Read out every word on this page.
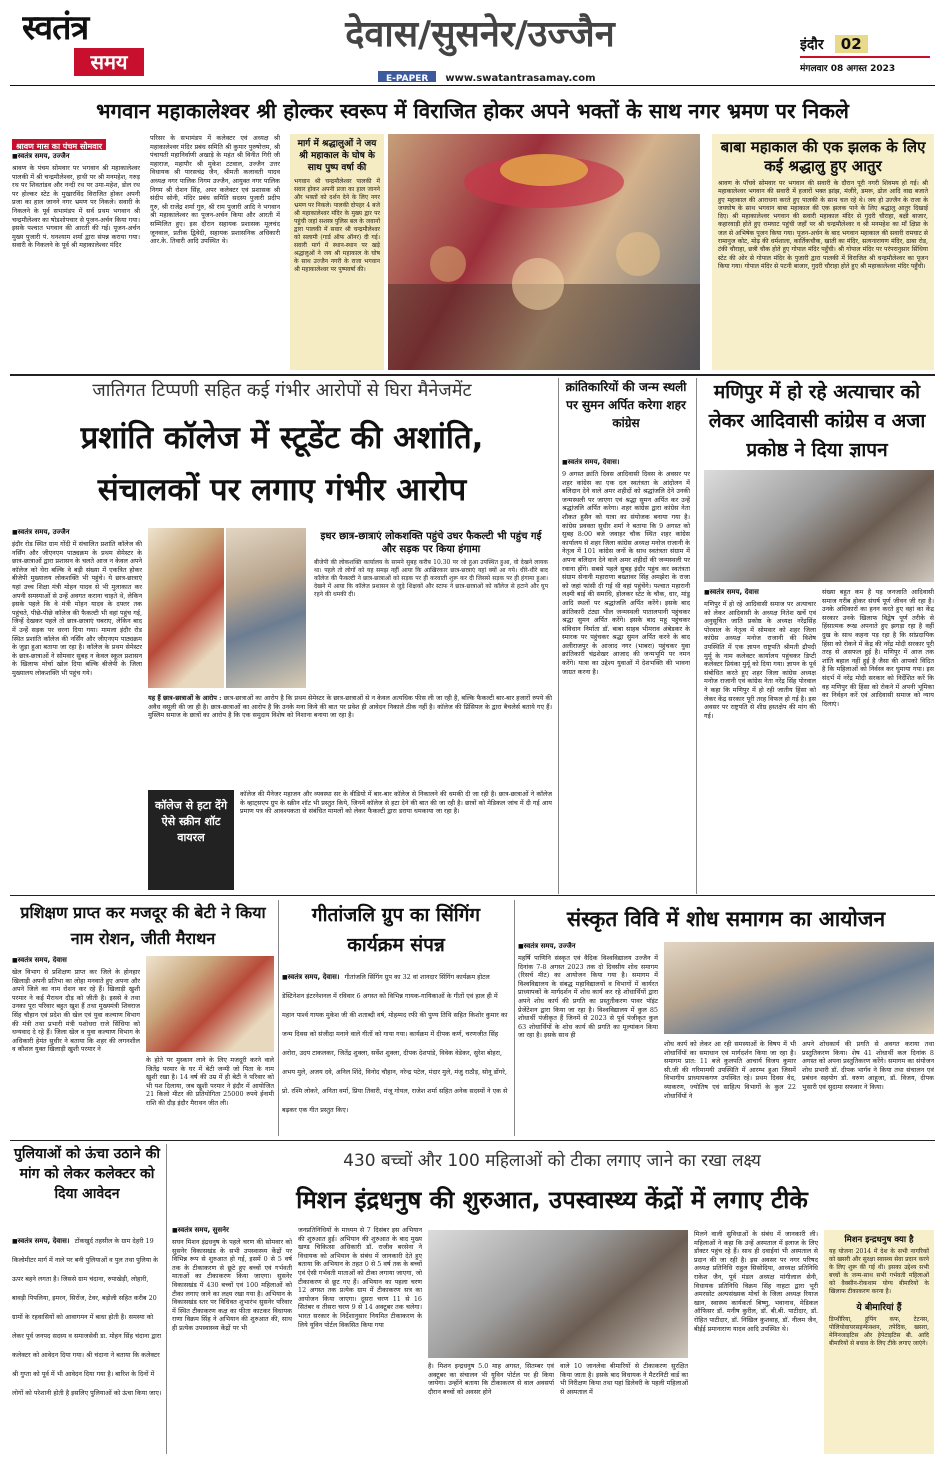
स्वतंत्र
समय
देवास/सुसनेर/उज्जैन
E-PAPER www.swatantrasamay.com
इंदौर 02
मंगलवार 08 अगस्त 2023
भगवान महाकालेश्वर श्री होल्कर स्वरूप में विराजित होकर अपने भक्तों के साथ नगर भ्रमण पर निकले
श्रावण मास का पंचम सोमवार
■ स्वतंत्र समय, उज्जैन
श्रावण के पंचम सोमवार पर भगवान श्री महाकालेश्वर पालकी में श्री चन्द्रमौलेश्वर, हाथी पर श्री मनमहेश, गरुड़ रथ पर शिवतांडव और नन्दी रथ पर उमा-महेश, डोल रथ पर होल्कर स्टेट के मुखारविंद विराजित होकर अपनी प्रजा का हाल जानने नगर भ्रमण पर निकले। सवारी के निकलने के पूर्व सभामंडप में सर्व प्रथम भगवान श्री चन्द्रमौलेश्वर का षोडशोपचार से पूजन-अर्चन किया गया। इसके पश्चात भगवान की आरती की गई। पूजन-अर्चन मुख्य पुजारी पं. घनश्याम शर्मा द्वारा संपन्न कराया गया। सवारी के निकलने के पूर्व श्री महाकालेश्वर मंदिर
परिसर के सभामंडप में कलेक्टर एवं अध्यक्ष श्री महाकालेश्वर मंदिर प्रबंध समिति श्री कुमार पुरुषोत्तम, श्री पंचायती महानिर्वाणी अखाड़े के महंत श्री विनीत गिरी जी महाराज, महापौर श्री मुकेश टटवाल, उज्जैन उत्तर विधायक श्री पारसचंद्र जैन, श्रीमती कलावती यादव अध्यक्ष नगर पालिक निगम उज्जैन, आयुक्त नगर पालिक निगम श्री रोशन सिंह, अपर कलेक्टर एवं प्रशासक श्री संदीप सोनी, मंदिर प्रबंध समिति सदस्य पुजारी प्रदीप गुरु, श्री राजेंद्र शर्मा गुरु, श्री राम पुजारी आदि ने भगवान श्री महाकालेश्वर का पूजन-अर्चन किया और आरती में सम्मिलित हुए। इस दौरान सहायक प्रशासक मूलचंद जूनवाल, प्रतीक द्विवेदी, सहायक प्रशासनिक अधिकारी आर.के. तिवारी आदि उपस्थित थे।
मार्ग में श्रद्धालुओं ने जय श्री महाकाल के घोष के साथ पुष्प वर्षा की
भगवान श्री चन्द्रमौलेश्वर पालकी में सवार होकर अपनी प्रजा का हाल जानने और भक्तों को दर्शन देने के लिए नगर भ्रमण पर निकले। पालकी दोपहर 4 बजे श्री महाकालेश्वर मंदिर के मुख्य द्वार पर पहुंची जहां सशस्त्र पुलिस बल के जवानों द्वारा पालकी में सवार श्री चन्द्रमौलेश्वर को सलामी (गार्ड ऑफ ऑनर) दी गई। सवारी मार्ग में स्थान-स्थान पर खड़े श्रद्धालुओं ने जय श्री महाकाल के घोष के साथ उज्जैन नगरी के राजा भगवान श्री महाकालेश्वर पर पुष्पवर्षा की।
बाबा महाकाल की एक झलक के लिए कई श्रद्धालु हुए आतुर
श्रावण के पाँचवे सोमवार पर भगवान की सवारी के दौरान पूरी नगरी शिवमय हो गई। श्री महाकालेश्वर भगवान की सवारी में हजारों भक्त झांझ, मंजीरे, डमरू, ढोल आदि वाद्य बजाते हुए महाकाल की आराधना करते हुए पालकी के साथ चल रहे थे। जय हो उज्जैन के राजा के जयघोष के साथ भगवान बाबा महाकाल की एक झलक पाने के लिए श्रद्धालु आतुर दिखाई दिए। श्री महाकालेश्वर भगवान की सवारी महाकाल मंदिर से गुदरी चौराहा, बक्षी बाजार, कहारवाड़ी होते हुए रामघाट पहुंची जहाँ पर श्री चन्द्रमौलेश्वर व श्री मनमहेश का माँ क्षिप्रा के जल से अभिषेक पूजन किया गया। पूजन-अर्चन के बाद भगवान महाकाल की सवारी रामघाट से रामानुज कोट, मोढ़ की धर्मशाला, कार्तिकचौक, खाती का मंदिर, सत्यनारायण मंदिर, ढाबा रोड, टंकी चौराहा, छत्री चौक होते हुए गोपाल मंदिर पहुँची। श्री गोपाल मंदिर पर परंपरानुसार सिंधिया स्टेट की ओर से गोपाल मंदिर के पुजारी द्वारा पालकी में विराजित श्री चन्द्रमौलेश्वर का पूजन किया गया। गोपाल मंदिर से पटनी बाजार, गुदरी चौराहा होते हुए श्री महाकालेश्वर मंदिर पहुँची।
जातिगत टिप्पणी सहित कई गंभीर आरोपों से घिरा मैनेजमेंट
प्रशांति कॉलेज में स्टूडेंट की अशांति,
संचालकों पर लगाए गंभीर आरोप
■ स्वतंत्र समय, उज्जैन
इंदौर रोड स्थित ग्राम गोंदी में संचालित प्रशांति कॉलेज की नर्सिंग और जीएनएम पाठ्यक्रम के प्रथम सेमेस्टर के छात्र-छात्राओं द्वारा प्रशासन के चलते आज न केवल अपने कॉलेज को घेरा बल्कि वे बड़ी संख्या में एकत्रित होकर बीजेपी मुख्यालय लोकशक्ति भी पहुंचे। ये छात्र-छात्राएं यहां उच्च शिक्षा मंत्री मोहन यादव से भी मुलाकात कर अपनी समस्याओं से उन्हें अवगत कराना चाहते थे, लेकिन इसके पहले कि वे मंत्री मोहन यादव के दफ्तर तक पहुंचते, पीछे-पीछे कॉलेज की फैकल्टी भी वहां पहुंच गई, जिन्हें देखकर पहले तो छात्र-छात्राएं घबराए, लेकिन बाद में उन्हें सड़क पर धरना दिया गया। मामला इंदौर रोड स्थित प्रशांति कॉलेज की नर्सिंग और जीएनएम पाठ्यक्रम के जुड़ा हुआ बताया जा रहा है। कॉलेज के प्रथम सेमेस्टर के छात्र-छात्राओं ने सोमवार सुबह न केवल स्कूल प्रशासन के खिलाफ मोर्चा खोल दिया बल्कि बीजेपी के जिला मुख्यालय लोकशक्ति भी पहुंच गये।
इधर छात्र-छात्राएं लोकशक्ति पहुंचे उधर फैकल्टी भी पहुंच गई और सड़क पर किया हंगामा
बीजेपी की लोकशक्ति कार्यालय के सामने सुबह करीब 10.30 पर जो हुआ उपस्थित हुआ, वो देखने लायक था। पहले तो लोगों को यह समझ नहीं आया कि आखिरकार छात्र-छात्राएं यहां क्यों आ गये। धीरे-धीरे बाद कॉलेज की फैकल्टी ने छात्र-छात्राओं को सड़क पर ही करवाती शुरू कर दी जिससे सड़क पर ही हंगामा हुआ। देखने में आया कि कॉलेज प्रशासन से जुड़े शिक्षकों और स्टाफ ने छात्र-छात्राओं को कॉलेज से हटाने और घुप रहने की धमकी दी।
यह हैं छात्र-छात्राओं के आरोप : छात्र-छात्राओं का आरोप है कि प्रथम सेमेस्टर के छात्र-छात्राओं से न केवल अत्यधिक फीस ली जा रही है, बल्कि फैकल्टी बार-बार हजारों रुपये की अवैध वसूली की जा ही है। छात्र-छात्राओं का आरोप है कि उनके मना किये की बात पर प्रवेश ही आवेदन निकाले ठीक नहीं है। कॉलेज की प्रिंसिपल के द्वारा बैचलेर्स बताये गए हैं। मुस्लिम समाज के छात्रों का आरोप है कि एक समुदाय विशेष को निशाना बनाया जा रहा है।
कॉलेज से हटा देंगे ऐसे स्क्रीन शॉट वायरल
कॉलेज की मैनेजर महाजन और व्यवस्था सर के वीडियो में बार-बार कॉलेज से निकालने की धमकी दी जा रही है। छात्र-छात्राओं ने कॉलेज के व्हाट्सएप ग्रुप के स्क्रीन शॉट भी प्रस्तुत किये, जिनमें कॉलेज से हटा देने की बात की जा रही है। छात्रों को मेडिकल जांच में दी गई आय प्रमाण पत्र की आवश्यकता से संबंधित मामलों को लेकर फैकल्टी द्वारा डराया धमकाया जा रहा है।
क्रांतिकारियों की जन्म स्थली पर सुमन अर्पित करेगा शहर कांग्रेस
■ स्वतंत्र समय, देवास।
9 अगस्त क्रांति दिवस आदिवासी दिवस के अवसर पर शहर कांग्रेस का एक दल स्वतंत्रता के आंदोलन में बलिदान देने वाले अमर शहीदों को श्रद्धांजलि देने उनकी जन्मस्थली पर जाएगा एवं श्रद्धा सुमन अर्पित कर उन्हें श्रद्धांजलि अर्पित करेगा। शहर कांग्रेस द्वारा कांग्रेस नेता शौकत हुसैन को यात्रा का संयोजक बनाया गया है। कांग्रेस प्रवक्ता सुधीर शर्मा ने बताया कि 9 अगस्त को सुबह 8:00 बजे जवाहर चौक स्थित शहर कांग्रेस कार्यालय से शहर जिला कांग्रेस अध्यक्ष मनोज राजानी के नेतृत्व में 101 कांग्रेस जनों के साथ स्वतंत्रता संग्राम में अपना बलिदान देने वाले अमर शहीदों की जन्मस्थली पर रवाना होंगे। सबसे पहले सुबह इंदौर पहुंच कर स्वतंत्रता संग्राम सेनानी महाराणा बख्तावर सिंह अमझेरा के राजा को जहां फांसी दी गई थी वहां पहुंचेंगे। पश्चात महारानी लक्ष्मी बाई की समाधि, होलकर स्टेट के चौक, धार, मांडू आदि स्थलों पर श्रद्धांजलि अर्पित करेंगे। इसके बाद क्रांतिकारी टंट्या भील जन्मस्थली पातालपानी पहुंचकर श्रद्धा सुमन अर्पित करेंगे। इसके बाद महू पहुंचकर संविधान निर्माता डॉ. बाबा साहब भीमराव अंबेडकर के स्मारक पर पहुंचकर श्रद्धा सुमन अर्पित करने के बाद अलीराजपुर के आजाद नगर (भाबरा) पहुंचकर युवा क्रांतिकारी चंद्रशेखर आजाद की जन्मभूमि पर नमन करेंगे। यात्रा का उद्देश्य युवाओं में देशभक्ति की भावना जाग्रत करना है।
मणिपुर में हो रहे अत्याचार को लेकर आदिवासी कांग्रेस व अजा प्रकोष्ठ ने दिया ज्ञापन
■ स्वतंत्र समय, देवास
मणिपुर में हो रहे आदिवासी समाज पर अत्याचार को लेकर आदिवासी के अध्यक्ष नितेश खर्चे एवं अनुसूचित जाति प्रकोष्ठ के अध्यक्ष नरेंद्रसिंह पोरवाल के नेतृत्व में सोमवार को शहर जिला कांग्रेस अध्यक्ष मनोज राजानी की विशेष उपस्थिति में एक ज्ञापन राष्ट्रपति श्रीमती द्रौपदी मुर्मू के नाम कलेक्टर कार्यालय पहुंचकर डिप्टी कलेक्टर प्रियंका मुर्मू को दिया गया। ज्ञापन के पूर्व संबोधित करते हुए शहर जिला कांग्रेस अध्यक्ष मनोज राजानी एवं कांग्रेस नेता नरेंद्र सिंह पोरवाल ने कहा कि मणिपुर में हो रही जातीय हिंसा को लेकर केंद्र सरकार पूरी तरह विफल हो गई है। इस अवसर पर राष्ट्रपति से शीघ्र हस्तक्षेप की मांग की गई।
संख्या बहुत कम है यह जनजाति आदिवासी समाज गरीब होकर संघर्ष पूर्ण जीवन जी रहा है। उनके अधिकारों का हनन करते हुए वहां का केंद्र सरकार उनके खिलाफ विद्वेष पूर्ण तरीके से हिंसात्मक रूख अपनाते हुए झगड़ा रहा है वहीं दुख के साथ कहना पड़ रहा है कि सांप्रदायिक हिंसा को रोकने में केंद्र की नरेंद्र मोदी सरकार पूरी तरह से असफल हुई है। मणिपुर में आज तक शांति बहाल नहीं हुई है जैसा की आपको विदित है कि महिलाओं को निर्वस्त्र कर घुमाया गया। इस संदर्भ में नरेंद्र मोदी सरकार को निर्देशित करें कि वह मणिपुर की हिंसा को रोकने में अपनी भूमिका का निर्वहन करें एवं आदिवासी समाज को न्याय दिलाएं।
प्रशिक्षण प्राप्त कर मजदूर की बेटी ने किया नाम रोशन, जीती मैराथन
■ स्वतंत्र समय, देवास
खेल विभाग से प्रशिक्षण प्राप्त कर जिले के होनहार खिलाड़ी अपनी प्रतिभा का लोहा मनवाते हुए अपना और अपने जिले का नाम रोशन कर रहे हैं। खिलाड़ी खुशी परमार ने कई मैराथन दौड़ को जीती है। इससे वे तथा उनका पूरा परिवार बहुत खुश हैं तथा मुख्यमंत्री शिवराज सिंह चौहान एवं प्रदेश की खेल एवं युवा कल्याण विभाग की मंत्री तथा प्रभारी मंत्री यशोधरा राजे सिंधिया को धन्यवाद दे रहे हैं। जिला खेल व युवा कल्याण विभाग के अधिकारी हेमंत सुधीर ने बताया कि शहर की लगनशील व कौशल युक्त खिलाड़ी खुशी परमार ने
के होते पर मुस्कान लाने के लिए मजदूरी करने वाले जितेंद्र परमार के घर में बेटी जन्मी जो पिता के नाम खुशी रखा है। 14 वर्ष की उम्र में ही बेटी ने परिवार को भी यश दिलाया, जब खुशी परमार ने इंदौर में आयोजित 21 किलो मीटर की प्रतियोगिता 25000 रुपये ईनामी राशि की दौड़ इंदौर मैराथन जीत ली।
गीतांजलि ग्रुप का सिंगिंग कार्यक्रम संपन्न
■ स्वतंत्र समय, देवास। गीतांजलि सिंगिंग ग्रुप का 32 वां शानदार सिंगिंग कार्यक्रम होटल डेस्टिनेशन इंटरनेशनल में रविवार 6 अगस्त को विभिन्न गायक-गायिकाओं के गीतों एवं हाल ही में महान पार्श्व गायक मुकेश जी की शताब्दी वर्ष, मोहम्मद रफी की पुण्य तिथि सहित किशोर कुमार का जन्म दिवस को संजीदा मनाने वाले गीतों को गाया गया। कार्यक्रम में दीपक कर्ण, चरणजीत सिंह अरोरा, उदय टाकलकर, जितेंद्र शुक्ला, सर्वेश शुक्ला, दीपक देशपांडे, विवेक वेडेकर, सुरेश बोहरा, अभय मुले, अजय दवे, अनिल शिंदे, विनोद चौहान, नरेन्द्र पटेल, मंदार मुले, मंजु राठौड़, सोनू डोंगरे, प्रो. रश्मि लोकरे, अनिता वर्मा, प्रिया तिवारी, मंजू गोयल, राजेश शर्मा सहित अनेक सदस्यों ने एक से बढ़कर एक गीत प्रस्तुत किए।
संस्कृत विवि में शोध समागम का आयोजन
■ स्वतंत्र समय, उज्जैन
महर्षि पाणिनि संस्कृत एवं वैदिक विश्वविद्यालय उज्जैन में दिनांक 7-8 अगस्त 2023 तक दो दिवसीय शोध समागम (रिसर्च मीट) का आयोजन किया गया है। समागम में विश्वविद्यालय के संबद्ध महाविद्यालयों व विभागों में कार्यरत प्राध्यापकों के मार्गदर्शन में शोध कार्य कर रहे शोधार्थियों द्वारा अपने शोध कार्य की प्रगति का प्रस्तुतीकरण पावर पॉइंट प्रेजेंटेशन द्वारा किया जा रहा है। विश्वविद्यालय में कुल 85 शोधार्थी पंजीकृत हैं जिनमें से 2023 से पूर्व पंजीकृत कुल 63 शोधार्थियों के शोध कार्य की प्रगति का मूल्यांकन किया जा रहा है। इसके साथ ही
शोध कार्य को लेकर आ रही समस्याओं के विषय में भी शोधार्थियों का समाधान एवं मार्गदर्शन किया जा रहा है। समागम प्रात: 11 बजे कुलपति आचार्य विजय कुमार सी.जी की गरिमामयी उपस्थिति में आरम्भ हुआ जिसमें विभागीय प्राध्यापकगण उपस्थित रहे। प्रथम दिवस वेद, व्याकरण, ज्योतिष एवं साहित्य विभागों के कुल 22 शोधार्थियों ने
अपने शोधकार्य की प्रगति से अवगत कराया तथा प्रस्तुतिकरण किया। शेष 41 शोधार्थी कल दिनांक 8 अगस्त को अपना प्रस्तुतिकरण करेंगे। समागम का संयोजन शोध प्रभारी डॉ. दीपक भार्गव ने किया तथा संचालन एवं प्रबंधन सहयोग डॉ. वरुण आहूजा, डॉ. विजय, दीपक भुसारी एवं सुदामा सफवार ने किया।
पुलियाओं को ऊंचा उठाने की मांग को लेकर कलेक्टर को दिया आवेदन
■ स्वतंत्र समय, देवास। टोंकखुर्द तहसील के ग्राम देहरी 19 किलोमीटर मार्ग में नाले पर बनी पुलियाओं व पुल तथा पुलिया के ऊपर बहने लगता है। जिससे ग्राम चंदाना, रुपाखेड़ी, लोहारी, बावड़ी पिपलिया, इमरन, सिरोंज, टेवर, बड़ोली सहित करीब 20 ग्रामों के रहवासियों को आवागमन में बाधा होती है। समस्या को लेकर पूर्व जनपद सदस्य व समाजसेवी डा. मोहन सिंह चंदाना द्वारा कलेक्टर को आवेदन दिया गया। श्री चंदाना ने बताया कि कलेक्टर श्री गुप्ता को पूर्व में भी आवेदन दिया गया है। बारिश के दिनों में लोगों को परेशानी होती है इसलिए पुलियाओं को ऊंचा किया जाए।
430 बच्चों और 100 महिलाओं को टीका लगाए जाने का रखा लक्ष्य
मिशन इंद्रधनुष की शुरुआत, उपस्वास्थ्य केंद्रों में लगाए टीके
■ स्वतंत्र समय, सुसनेर
सघन मिशन इंद्रधनुष के पहले चरण की सोमवार को सुसनेर विकासखंड के सभी उपस्वास्थ्य केंद्रों पर विभिन्न रूप से शुरुआत हो गई, इसमें 0 से 5 वर्ष तक के टीकाकरण से छूटे हुए बच्चों एवं गर्भवती माताओं का टीकाकरण किया जाएगा। सुसनेर विकासखंड में 430 बच्चों एवं 100 महिलाओं को टीका लगाए जाने का लक्ष्य रखा गया है। अभियान के विकासखंड स्तर पर विधिवत शुभारंभ सुसनेर परिवार में स्थित टीकाकरण कक्ष का फीता काटकर विधायक राणा विक्रम सिंह ने अभियान की शुरुआत की, साथ ही प्रत्येक उपस्वास्थ्य केंद्रों पर भी
जनप्रतिनिधियों के माध्यम से 7 दिसंबर इस अभियान की शुरुआत हुई। अभियान की शुरुआत के बाद मुख्य खण्ड चिकित्सा अधिकारी डॉ. राजीव बरसेना ने विधायक को अभियान के संबंध में जानकारी देते हुए बताया कि अभियान के तहत 0 से 5 वर्ष तक के बच्चों एवं ऐसी गर्भवती माताओं को टीका लगाया जाएगा, जो टीकाकरण से छूट गए हैं। अभियान का पहला चरण 12 अगस्त तक प्रत्येक ग्राम में टीकाकरण सत्र का आयोजन किया जाएगा। दूसरा चरण 11 से 16 सितंबर व तीसरा चरण 9 से 14 अक्टूबर तक चलेगा। भारत सरकार के निर्देशानुसार नियमित टीकाकरण के लिये यूविन पोर्टल विकसित किया गया
है। मिशन इन्द्रधनुष 5.0 माह अगस्त, सितम्बर एवं अक्टूबर का संचालन भी यूविन पोर्टल पर ही किया जायेगा। उन्होंने बताया कि टीकाकरण से वाल अवसर्पा दौरान बच्चों को अवसर होने
वाले 10 जानलेवा बीमारियों से टीकाकरण सुरक्षित किया जाता है। इसके बाद विधायक ने मैटरनिटी वार्ड का भी निरीक्षण किया तथा यहां डिलेवरी के पहली महिलाओं से अस्पताल में
मिलने वाली सुविधाओं के संबंध में जानकारी ली। महिलाओं ने कहा कि उन्हें अस्पताल में इलाज के लिए डॉक्टर पहुंच रहे हैं। साथ ही दवाईयां भी अस्पताल से प्रदान की जा रही है। इस अवसर पर नगर परिषद अध्यक्ष प्रतिनिधि राहुल सिसोदिया, आध्यक्ष प्रतिनिधि राकेश जैन, पूर्व मंडल अध्यक्ष मांगीलाल सेनी, विधायक प्रतिनिधि विक्रम सिंह नाहटा द्वारा भूरी अमरसोट अल्पसंख्यक मोर्चा के जिला अध्यक्ष रियाज खान, स्वास्थ्य कार्यकर्ता बिष्णु, भवानाथ, मेडिकल ऑफिसर डॉ. मनीष कुरील, डॉ. बी.बी. पाटीदार, डॉ. रोहित पाटीदार, डॉ. निखिल कुशवाह, डॉ. नीलम जैन, बीईई प्रमानाराण यादव आदि उपस्थित थे।
मिशन इन्द्रधनुष क्या है
यह योजना 2014 में देश के सभी नागरिकों को खसरी और सुरक्षा स्वास्थ्य सेवा प्रदान करने के लिए शुरू की गई थी। इसका उद्देश्य सभी बच्चों के जन्म-साथ सभी गर्भवती महिलाओं को वैक्सीन-रोकथाम योग्य बीमारियों के खिलाफ टीकाकरण करना है।
ये बीमारियां हैं
डिप्थीरिया, हूपिंग कफ, टेटनस, पोलियोवायरसइन्फेक्शन, तपेदिक, खसरा, मेनिनजाइटिस और हेपेटाइटिस बी. आदि बीमारियों से बचाव के लिए टीके लगाए जाएंगे।
